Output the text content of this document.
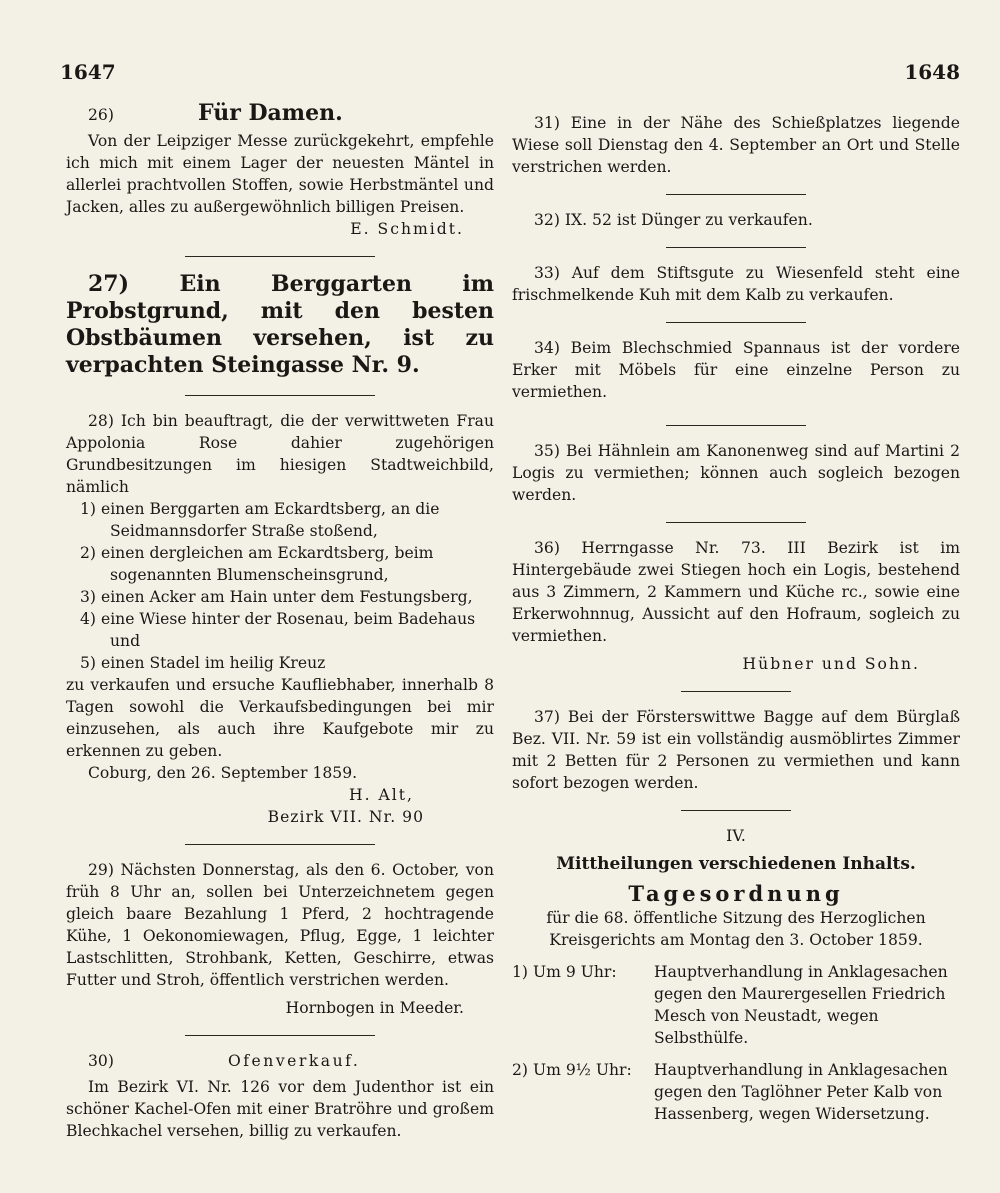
1647	1648
26)	Für Damen.
Von der Leipziger Messe zurückgekehrt, empfehle ich mich mit einem Lager der neuesten Mäntel in allerlei prachtvollen Stoffen, sowie Herbstmäntel und Jacken, alles zu außergewöhnlich billigen Preisen.
E. Schmidt.
27) Ein Berggarten im Probstgrund, mit den besten Obstbäumen versehen, ist zu verpachten Steingasse Nr. 9.
28) Ich bin beauftragt, die der verwittweten Frau Appolonia Rose dahier zugehörigen Grundbesitzungen im hiesigen Stadtweichbild, nämlich
1) einen Berggarten am Eckardtsberg, an die Seidmannsdorfer Straße stoßend,
2) einen dergleichen am Eckardtsberg, beim sogenannten Blumenscheinsgrund,
3) einen Acker am Hain unter dem Festungsberg,
4) eine Wiese hinter der Rosenau, beim Badehaus und
5) einen Stadel im heilig Kreuz
zu verkaufen und ersuche Kaufliebhaber, innerhalb 8 Tagen sowohl die Verkaufsbedingungen bei mir einzusehen, als auch ihre Kaufgebote mir zu erkennen zu geben.
Coburg, den 26. September 1859.
H. Alt,
Bezirk VII. Nr. 90
29) Nächsten Donnerstag, als den 6. October, von früh 8 Uhr an, sollen bei Unterzeichnetem gegen gleich baare Bezahlung 1 Pferd, 2 hochtragende Kühe, 1 Oekonomiewagen, Pflug, Egge, 1 leichter Lastschlitten, Strohbank, Ketten, Geschirre, etwas Futter und Stroh, öffentlich verstrichen werden.
Hornbogen in Meeder.
30)	Ofenverkauf.
Im Bezirk VI. Nr. 126 vor dem Judenthor ist ein schöner Kachel-Ofen mit einer Bratröhre und großem Blechkachel versehen, billig zu verkaufen.
31) Eine in der Nähe des Schießplatzes liegende Wiese soll Dienstag den 4. September an Ort und Stelle verstrichen werden.
32) IX. 52 ist Dünger zu verkaufen.
33) Auf dem Stiftsgute zu Wiesenfeld steht eine frischmelkende Kuh mit dem Kalb zu verkaufen.
34) Beim Blechschmied Spannaus ist der vordere Erker mit Möbels für eine einzelne Person zu vermiethen.
35) Bei Hähnlein am Kanonenweg sind auf Martini 2 Logis zu vermiethen; können auch sogleich bezogen werden.
36) Herrngasse Nr. 73. III Bezirk ist im Hintergebäude zwei Stiegen hoch ein Logis, bestehend aus 3 Zimmern, 2 Kammern und Küche rc., sowie eine Erkerwohnnug, Aussicht auf den Hofraum, sogleich zu vermiethen.
Hübner und Sohn.
37) Bei der Försterswittwe Bagge auf dem Bürglaß Bez. VII. Nr. 59 ist ein vollständig ausmöblirtes Zimmer mit 2 Betten für 2 Personen zu vermiethen und kann sofort bezogen werden.
IV.
Mittheilungen verschiedenen Inhalts.
Tagesordnung
für die 68. öffentliche Sitzung des Herzoglichen Kreisgerichts am Montag den 3. October 1859.
1) Um 9 Uhr:	Hauptverhandlung in Anklagesachen gegen den Maurergesellen Friedrich Mesch von Neustadt, wegen Selbsthülfe.
2) Um 9½ Uhr:	Hauptverhandlung in Anklagesachen gegen den Taglöhner Peter Kalb von Hassenberg, wegen Widersetzung.
